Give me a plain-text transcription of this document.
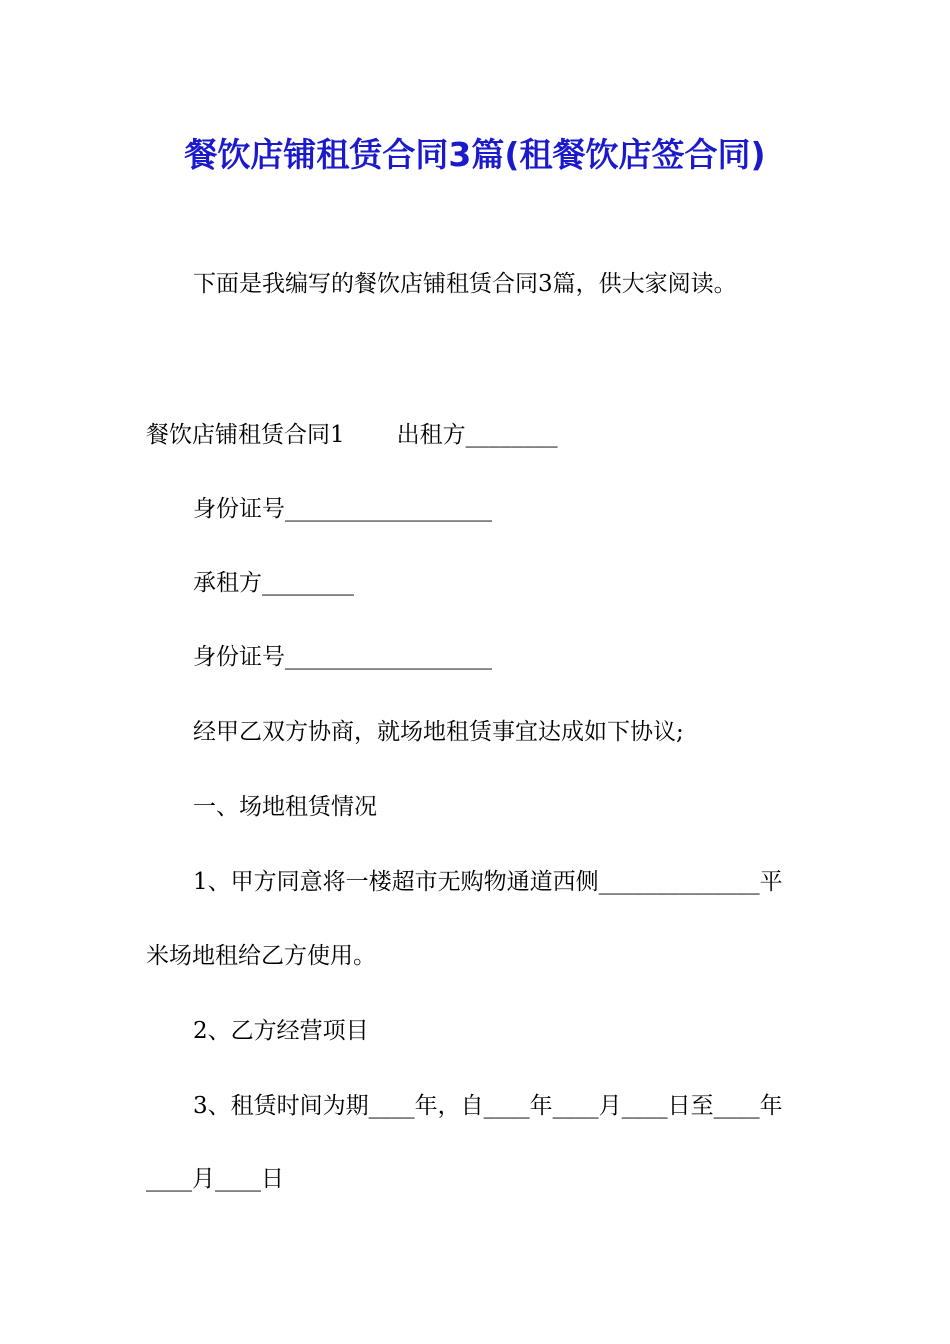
餐饮店铺租赁合同3篇(租餐饮店签合同)
下面是我编写的餐饮店铺租赁合同3篇，供大家阅读。
餐饮店铺租赁合同1 出租方________
身份证号__________________
承租方________
身份证号__________________
经甲乙双方协商，就场地租赁事宜达成如下协议;
一、场地租赁情况
1、甲方同意将一楼超市无购物通道西侧______________平
米场地租给乙方使用。
2、乙方经营项目
3、租赁时间为期____年，自____年____月____日至____年
____月____日
